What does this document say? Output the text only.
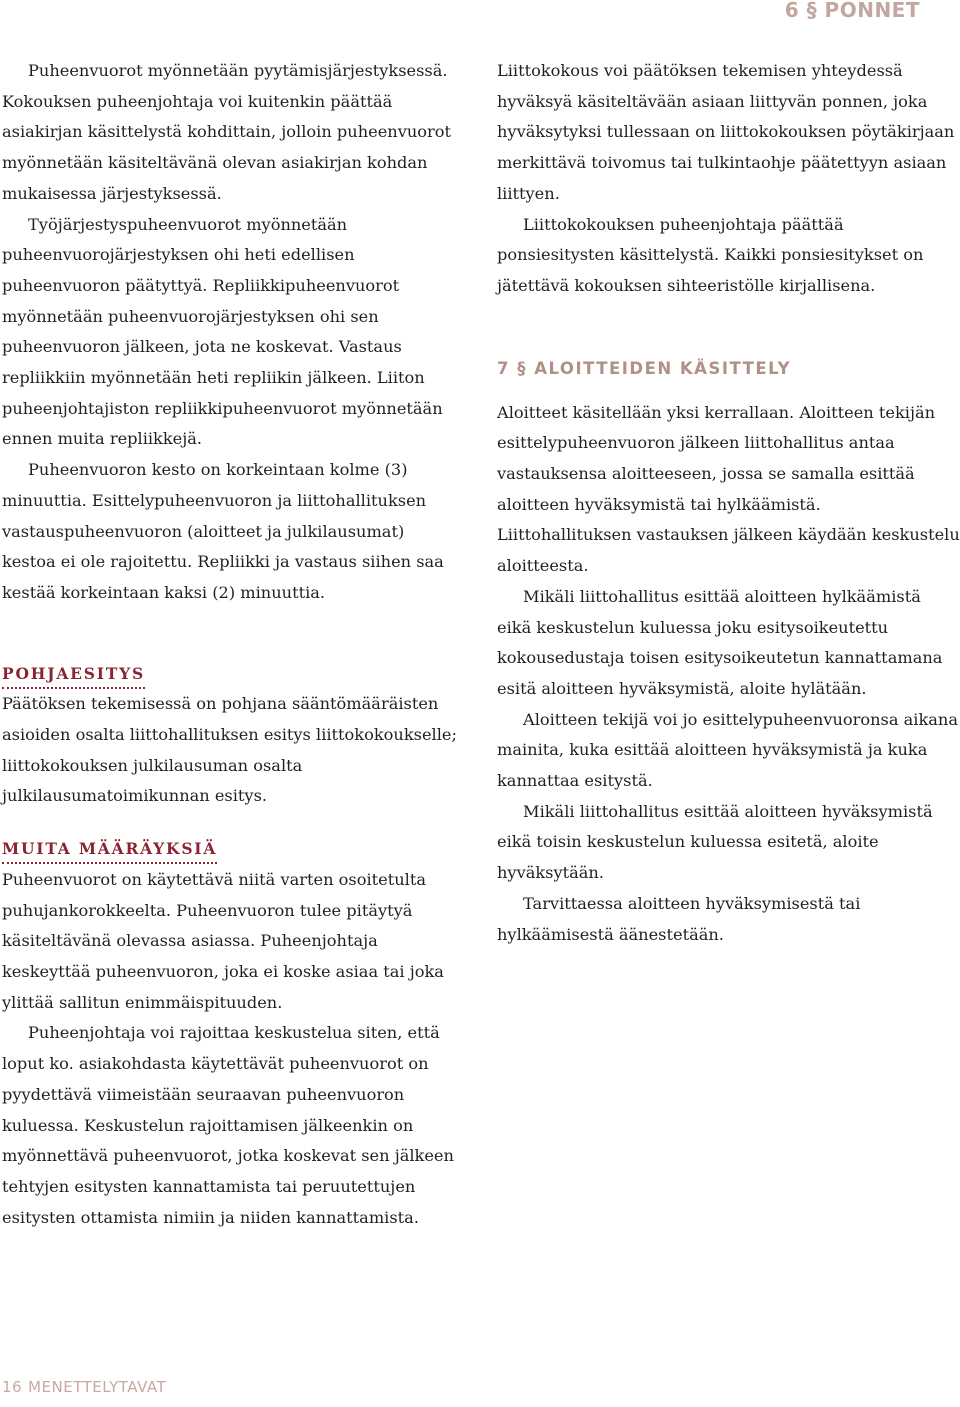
6 § PONNET

Puheenvuorot myönnetään pyytämisjärjestyksessä. Kokouksen puheenjohtaja voi kuitenkin päättää asiakirjan käsittelystä kohdittain, jolloin puheenvuorot myönnetään käsiteltävänä olevan asiakirjan kohdan mukaisessa järjestyksessä.

Työjärjestyspuheenvuorot myönnetään puheenvuorojärjestyksen ohi heti edellisen puheenvuoron päätyttyä. Repliikkipuheenvuorot myönnetään puheenvuorojärjestyksen ohi sen puheenvuoron jälkeen, jota ne koskevat. Vastaus repliikkiin myönnetään heti repliikin jälkeen. Liiton puheenjohtajiston repliikkipuheenvuorot myönnetään ennen muita repliikkejä.

Puheenvuoron kesto on korkeintaan kolme (3) minuuttia. Esittelypuheenvuoron ja liittohallituksen vastauspuheenvuoron (aloitteet ja julkilausumat) kestoa ei ole rajoitettu. Repliikki ja vastaus siihen saa kestää korkeintaan kaksi (2) minuuttia.

POHJAESITYS

Päätöksen tekemisessä on pohjana sääntömääräisten asioiden osalta liittohallituksen esitys liittokokoukselle; liittokokouksen julkilausuman osalta julkilausumatoimikunnan esitys.

MUITA MÄÄRÄYKSIÄ

Puheenvuorot on käytettävä niitä varten osoitetulta puhujankorokkeelta. Puheenvuoron tulee pitäytyä käsiteltävänä olevassa asiassa. Puheenjohtaja keskeyttää puheenvuoron, joka ei koske asiaa tai joka ylittää sallitun enimmäispituuden.

Puheenjohtaja voi rajoittaa keskustelua siten, että loput ko. asiakohdasta käytettävät puheenvuorot on pyydettävä viimeistään seuraavan puheenvuoron kuluessa. Keskustelun rajoittamisen jälkeenkin on myönnettävä puheenvuorot, jotka koskevat sen jälkeen tehtyjen esitysten kannattamista tai peruutettujen esitysten ottamista nimiin ja niiden kannattamista.

Liittokokous voi päätöksen tekemisen yhteydessä hyväksyä käsiteltävään asiaan liittyvän ponnen, joka hyväksytyksi tullessaan on liittokokouksen pöytäkirjaan merkittävä toivomus tai tulkintaohje päätettyyn asiaan liittyen.

Liittokokouksen puheenjohtaja päättää ponsiesitysten käsittelystä. Kaikki ponsiesitykset on jätettävä kokouksen sihteeristölle kirjallisena.

7 § ALOITTEIDEN KÄSITTELY

Aloitteet käsitellään yksi kerrallaan. Aloitteen tekijän esittelypuheenvuoron jälkeen liittohallitus antaa vastauksensa aloitteeseen, jossa se samalla esittää aloitteen hyväksymistä tai hylkäämistä. Liittohallituksen vastauksen jälkeen käydään keskustelu aloitteesta.

Mikäli liittohallitus esittää aloitteen hylkäämistä eikä keskustelun kuluessa joku esitysoikeutettu kokousedustaja toisen esitysoikeutetun kannattamana esitä aloitteen hyväksymistä, aloite hylätään.

Aloitteen tekijä voi jo esittelypuheenvuoronsa aikana mainita, kuka esittää aloitteen hyväksymistä ja kuka kannattaa esitystä.

Mikäli liittohallitus esittää aloitteen hyväksymistä eikä toisin keskustelun kuluessa esitetä, aloite hyväksytään.

Tarvittaessa aloitteen hyväksymisestä tai hylkäämisestä äänestetään.

16 MENETTELYTAVAT
